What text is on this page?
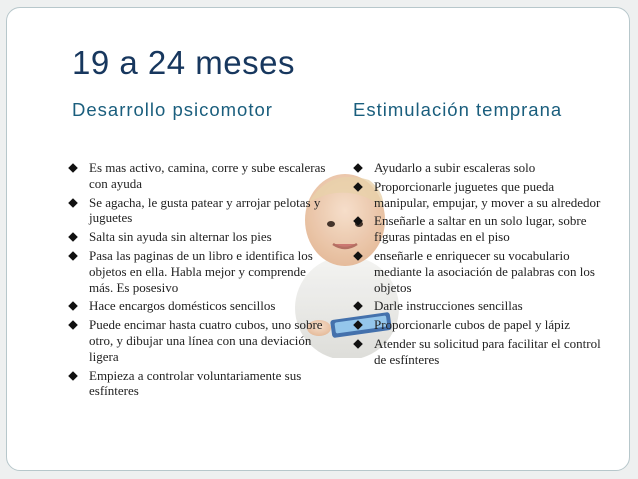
19 a 24 meses
Desarrollo psicomotor	Estimulación temprana
Es mas activo, camina, corre y sube escaleras con ayuda
Se agacha, le gusta patear y arrojar pelotas y juguetes
Salta sin ayuda sin alternar los pies
Pasa las paginas de un libro e identifica los objetos en ella. Habla mejor y comprende más. Es posesivo
Hace encargos domésticos sencillos
Puede encimar hasta cuatro cubos, uno sobre otro, y dibujar una línea con una deviación ligera
Empieza a controlar voluntariamente sus esfínteres
Ayudarlo a subir escaleras solo
Proporcionarle juguetes que pueda manipular, empujar, y mover a su alrededor
Enseñarle a saltar en un solo lugar, sobre figuras pintadas en el piso
enseñarle e enriquecer su vocabulario mediante la asociación de palabras con los objetos
Darle instrucciones sencillas
Proporcionarle cubos de papel y lápiz
Atender su solicitud para facilitar el control de esfínteres
